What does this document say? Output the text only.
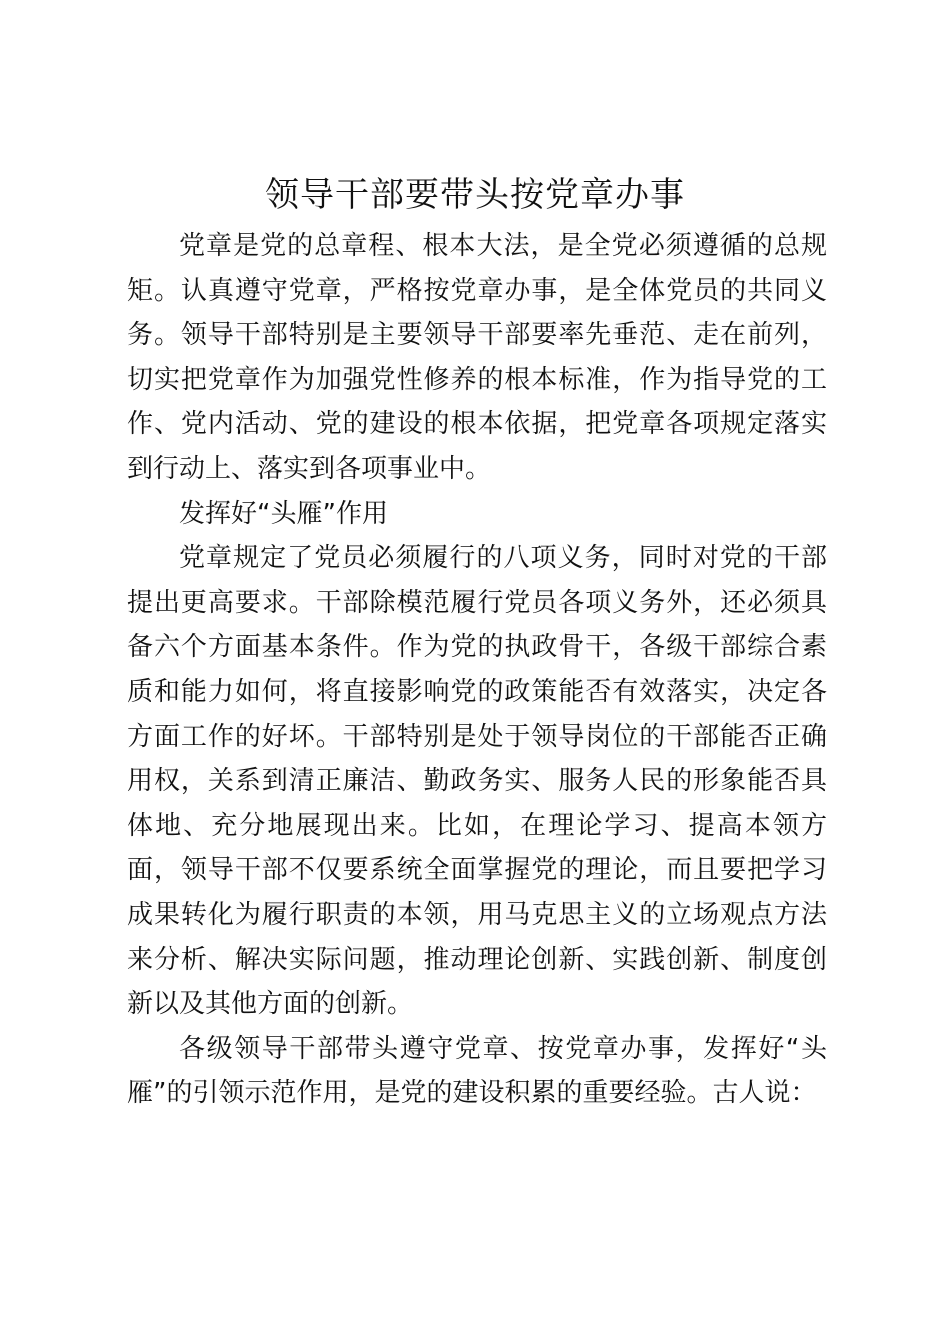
领导干部要带头按党章办事

党章是党的总章程、根本大法，是全党必须遵循的总规矩。认真遵守党章，严格按党章办事，是全体党员的共同义务。领导干部特别是主要领导干部要率先垂范、走在前列，切实把党章作为加强党性修养的根本标准，作为指导党的工作、党内活动、党的建设的根本依据，把党章各项规定落实到行动上、落实到各项事业中。

发挥好“头雁”作用

党章规定了党员必须履行的八项义务，同时对党的干部提出更高要求。干部除模范履行党员各项义务外，还必须具备六个方面基本条件。作为党的执政骨干，各级干部综合素质和能力如何，将直接影响党的政策能否有效落实，决定各方面工作的好坏。干部特别是处于领导岗位的干部能否正确用权，关系到清正廉洁、勤政务实、服务人民的形象能否具体地、充分地展现出来。比如，在理论学习、提高本领方面，领导干部不仅要系统全面掌握党的理论，而且要把学习成果转化为履行职责的本领，用马克思主义的立场观点方法来分析、解决实际问题，推动理论创新、实践创新、制度创新以及其他方面的创新。

各级领导干部带头遵守党章、按党章办事，发挥好“头雁”的引领示范作用，是党的建设积累的重要经验。古人说：
